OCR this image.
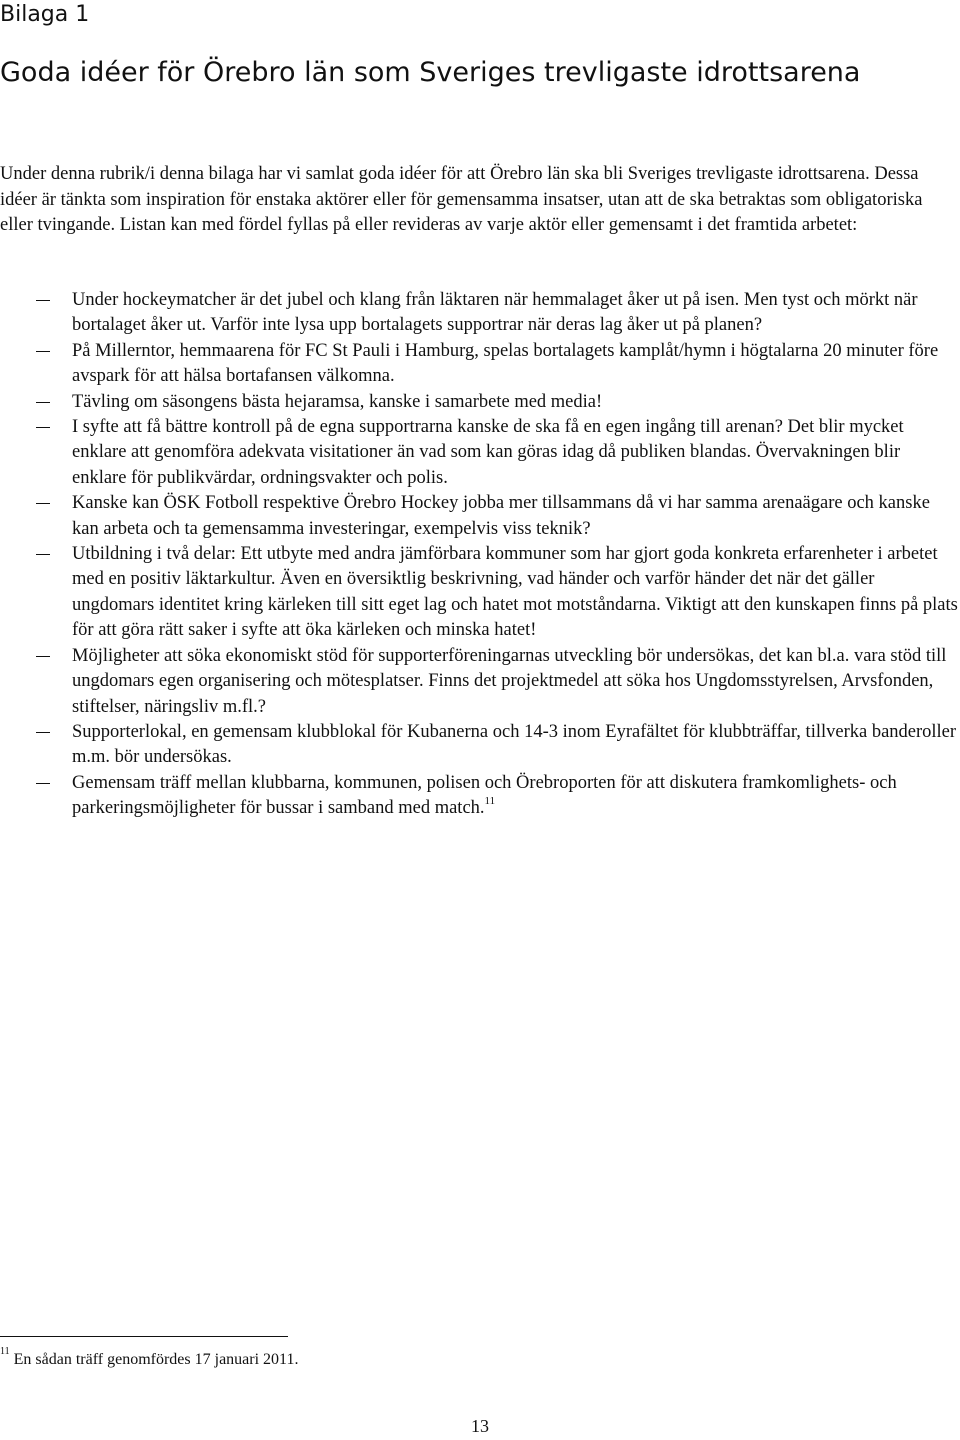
Bilaga 1
Goda idéer för Örebro län som Sveriges trevligaste idrottsarena

Under denna rubrik/i denna bilaga har vi samlat goda idéer för att Örebro län ska bli Sveriges trevligaste idrottsarena. Dessa idéer är tänkta som inspiration för enstaka aktörer eller för gemensamma insatser, utan att de ska betraktas som obligatoriska eller tvingande. Listan kan med fördel fyllas på eller revideras av varje aktör eller gemensamt i det framtida arbetet:

Under hockeymatcher är det jubel och klang från läktaren när hemmalaget åker ut på isen. Men tyst och mörkt när bortalaget åker ut. Varför inte lysa upp bortalagets supportrar när deras lag åker ut på planen?
På Millerntor, hemmaarena för FC St Pauli i Hamburg, spelas bortalagets kamplåt/hymn i högtalarna 20 minuter före avspark för att hälsa bortafansen välkomna.
Tävling om säsongens bästa hejaramsa, kanske i samarbete med media!
I syfte att få bättre kontroll på de egna supportrarna kanske de ska få en egen ingång till arenan? Det blir mycket enklare att genomföra adekvata visitationer än vad som kan göras idag då publiken blandas. Övervakningen blir enklare för publikvärdar, ordningsvakter och polis.
Kanske kan ÖSK Fotboll respektive Örebro Hockey jobba mer tillsammans då vi har samma arenaägare och kanske kan arbeta och ta gemensamma investeringar, exempelvis viss teknik?
Utbildning i två delar: Ett utbyte med andra jämförbara kommuner som har gjort goda konkreta erfarenheter i arbetet med en positiv läktarkultur. Även en översiktlig beskrivning, vad händer och varför händer det när det gäller ungdomars identitet kring kärleken till sitt eget lag och hatet mot motståndarna. Viktigt att den kunskapen finns på plats för att göra rätt saker i syfte att öka kärleken och minska hatet!
Möjligheter att söka ekonomiskt stöd för supporterföreningarnas utveckling bör undersökas, det kan bl.a. vara stöd till ungdomars egen organisering och mötesplatser. Finns det projektmedel att söka hos Ungdomsstyrelsen, Arvsfonden, stiftelser, näringsliv m.fl.?
Supporterlokal, en gemensam klubblokal för Kubanerna och 14-3 inom Eyrafältet för klubbträffar, tillverka banderoller m.m. bör undersökas.
Gemensam träff mellan klubbarna, kommunen, polisen och Örebroporten för att diskutera framkomlighets- och parkeringsmöjligheter för bussar i samband med match.$^{11}$

$^{11}$ En sådan träff genomfördes 17 januari 2011.

13
